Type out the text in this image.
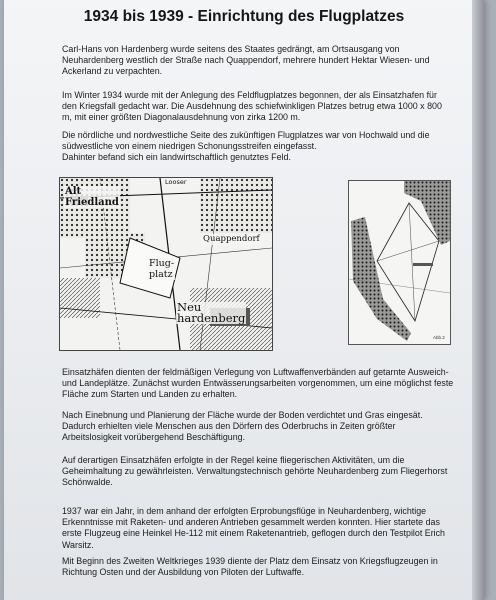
1934 bis 1939 - Einrichtung des Flugplatzes

Carl-Hans von Hardenberg wurde seitens des Staates gedrängt, am Ortsausgang von Neuhardenberg westlich der Straße nach Quappendorf, mehrere hundert Hektar Wiesen- und Ackerland zu verpachten.

Im Winter 1934 wurde mit der Anlegung des Feldflugplatzes begonnen, der als Einsatzhafen für den Kriegsfall gedacht war. Die Ausdehnung des schiefwinkligen Platzes betrug etwa 1000 x 800 m, mit einer größten Diagonalausdehnung von zirka 1200 m.

Die nördliche und nordwestliche Seite des zukünftigen Flugplatzes war von Hochwald und die südwestliche von einem niedrigen Schonungsstreifen eingefasst.
Dahinter befand sich ein landwirtschaftlich genutztes Feld.

Alt
Friedland
Flug-
platz
Quappendorf
Neu
hardenberg
Looser
Abb.2

Einsatzhäfen dienten der feldmäßigen Verlegung von Luftwaffenverbänden auf getarnte Ausweich- und Landeplätze. Zunächst wurden Entwässerungsarbeiten vorgenommen, um eine möglichst feste Fläche zum Starten und Landen zu erhalten.

Nach Einebnung und Planierung der Fläche wurde der Boden verdichtet und Gras eingesät. Dadurch erhielten viele Menschen aus den Dörfern des Oderbruchs in Zeiten größter Arbeitslosigkeit vorübergehend Beschäftigung.

Auf derartigen Einsatzhäfen erfolgte in der Regel keine fliegerischen Aktivitäten, um die Geheimhaltung zu gewährleisten. Verwaltungstechnisch gehörte Neuhardenberg zum Fliegerhorst Schönwalde.

1937 war ein Jahr, in dem anhand der erfolgten Erprobungsflüge in Neuhardenberg, wichtige Erkenntnisse mit Raketen- und anderen Antrieben gesammelt werden konnten. Hier startete das erste Flugzeug eine Heinkel He-112 mit einem Raketenantrieb, geflogen durch den Testpilot Erich Warsitz.

Mit Beginn des Zweiten Weltkrieges 1939 diente der Platz dem Einsatz von Kriegsflugzeugen in Richtung Osten und der Ausbildung von Piloten der Luftwaffe.
